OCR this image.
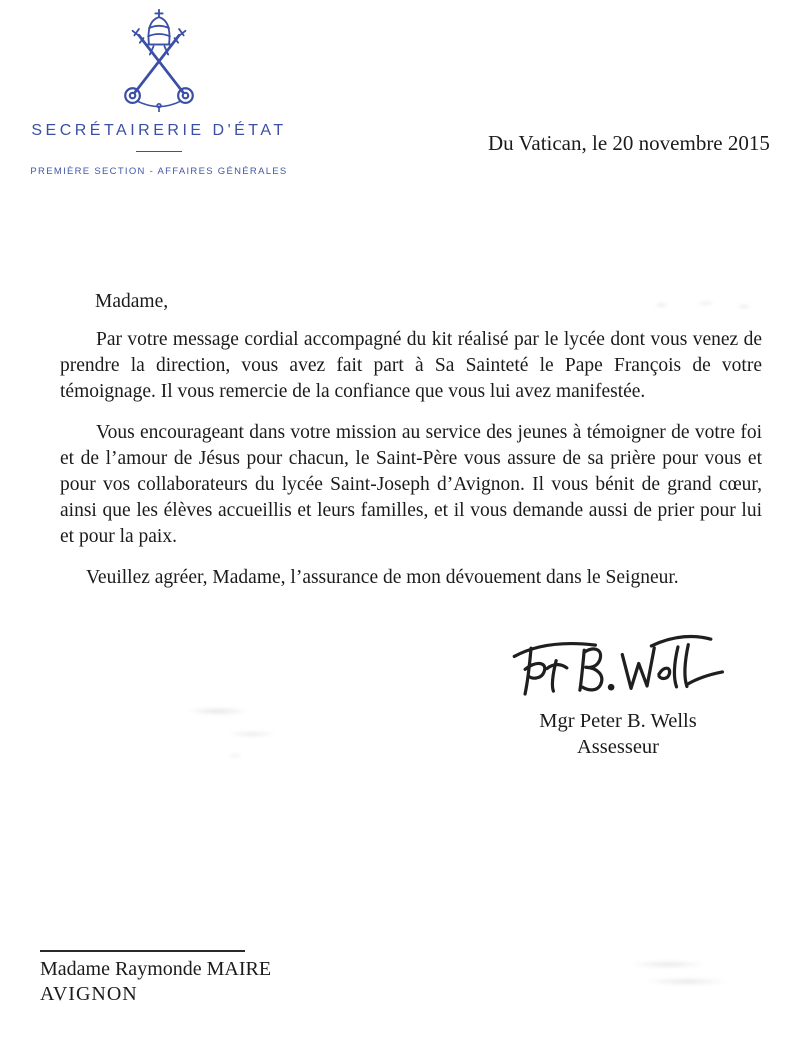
SECRÉTAIRERIE D'ÉTAT
PREMIÈRE SECTION - AFFAIRES GÉNÉRALES
Du Vatican, le 20 novembre 2015

Madame,

Par votre message cordial accompagné du kit réalisé par le lycée dont vous venez de prendre la direction, vous avez fait part à Sa Sainteté le Pape François de votre témoignage. Il vous remercie de la confiance que vous lui avez manifestée.

Vous encourageant dans votre mission au service des jeunes à témoigner de votre foi et de l’amour de Jésus pour chacun, le Saint-Père vous assure de sa prière pour vous et pour vos collaborateurs du lycée Saint-Joseph d’Avignon. Il vous bénit de grand cœur, ainsi que les élèves accueillis et leurs familles, et il vous demande aussi de prier pour lui et pour la paix.

Veuillez agréer, Madame, l’assurance de mon dévouement dans le Seigneur.

Mgr Peter B. Wells
Assesseur
Madame Raymonde MAIRE
AVIGNON
